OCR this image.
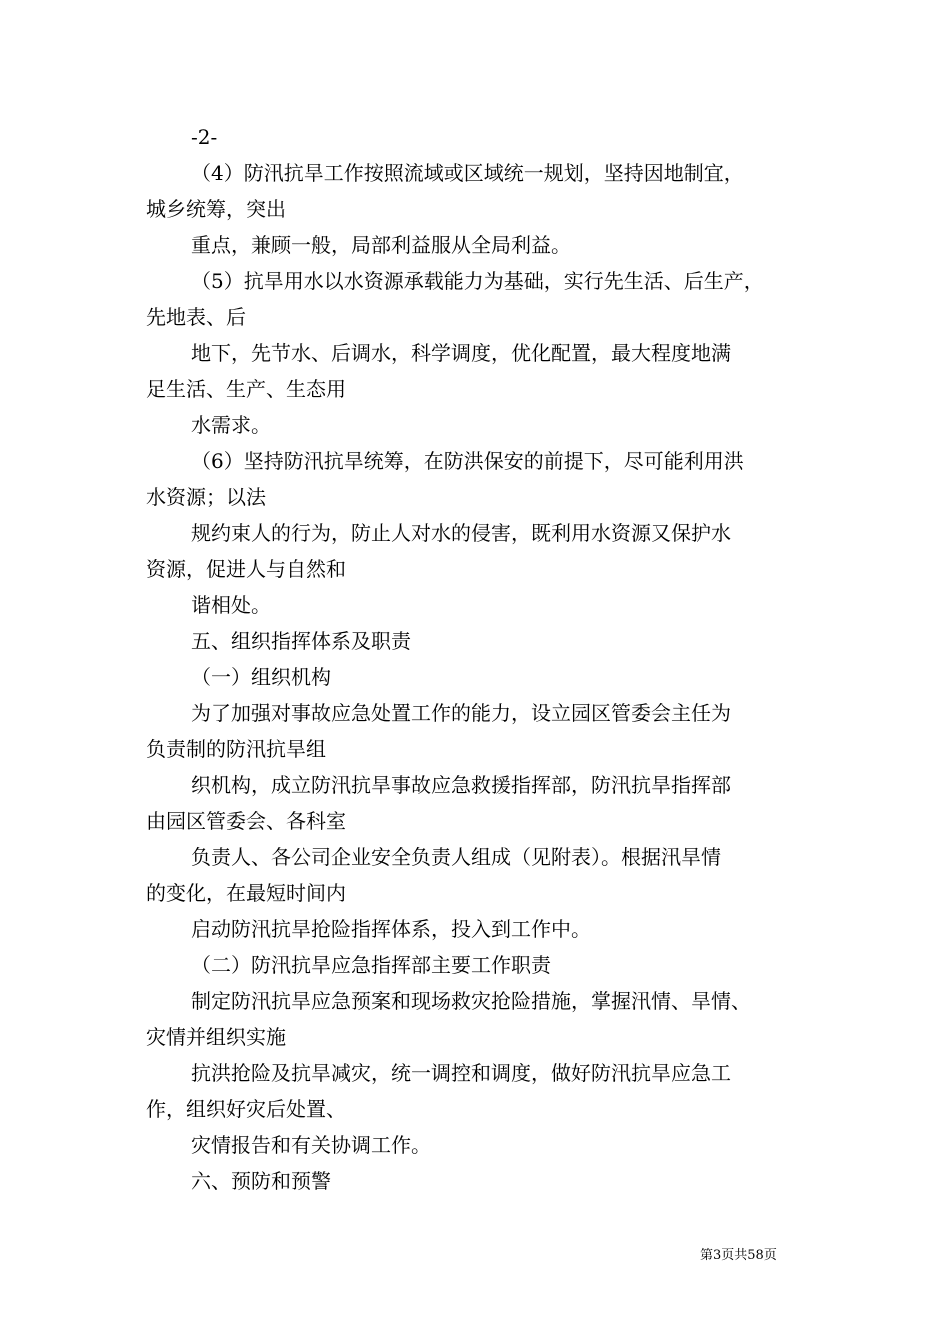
-2-

（4）防汛抗旱工作按照流域或区域统一规划，坚持因地制宜，

城乡统筹，突出

重点，兼顾一般，局部利益服从全局利益。

（5）抗旱用水以水资源承载能力为基础，实行先生活、后生产，

先地表、后

地下，先节水、后调水，科学调度，优化配置，最大程度地满

足生活、生产、生态用

水需求。

（6）坚持防汛抗旱统筹，在防洪保安的前提下，尽可能利用洪

水资源；以法

规约束人的行为，防止人对水的侵害，既利用水资源又保护水

资源，促进人与自然和

谐相处。

五、组织指挥体系及职责

（一）组织机构

为了加强对事故应急处置工作的能力，设立园区管委会主任为

负责制的防汛抗旱组

织机构，成立防汛抗旱事故应急救援指挥部，防汛抗旱指挥部

由园区管委会、各科室

负责人、各公司企业安全负责人组成（见附表）。根据汛旱情

的变化，在最短时间内

启动防汛抗旱抢险指挥体系，投入到工作中。

（二）防汛抗旱应急指挥部主要工作职责

制定防汛抗旱应急预案和现场救灾抢险措施，掌握汛情、旱情、

灾情并组织实施

抗洪抢险及抗旱减灾，统一调控和调度，做好防汛抗旱应急工

作，组织好灾后处置、

灾情报告和有关协调工作。

六、预防和预警

第3页共58页
